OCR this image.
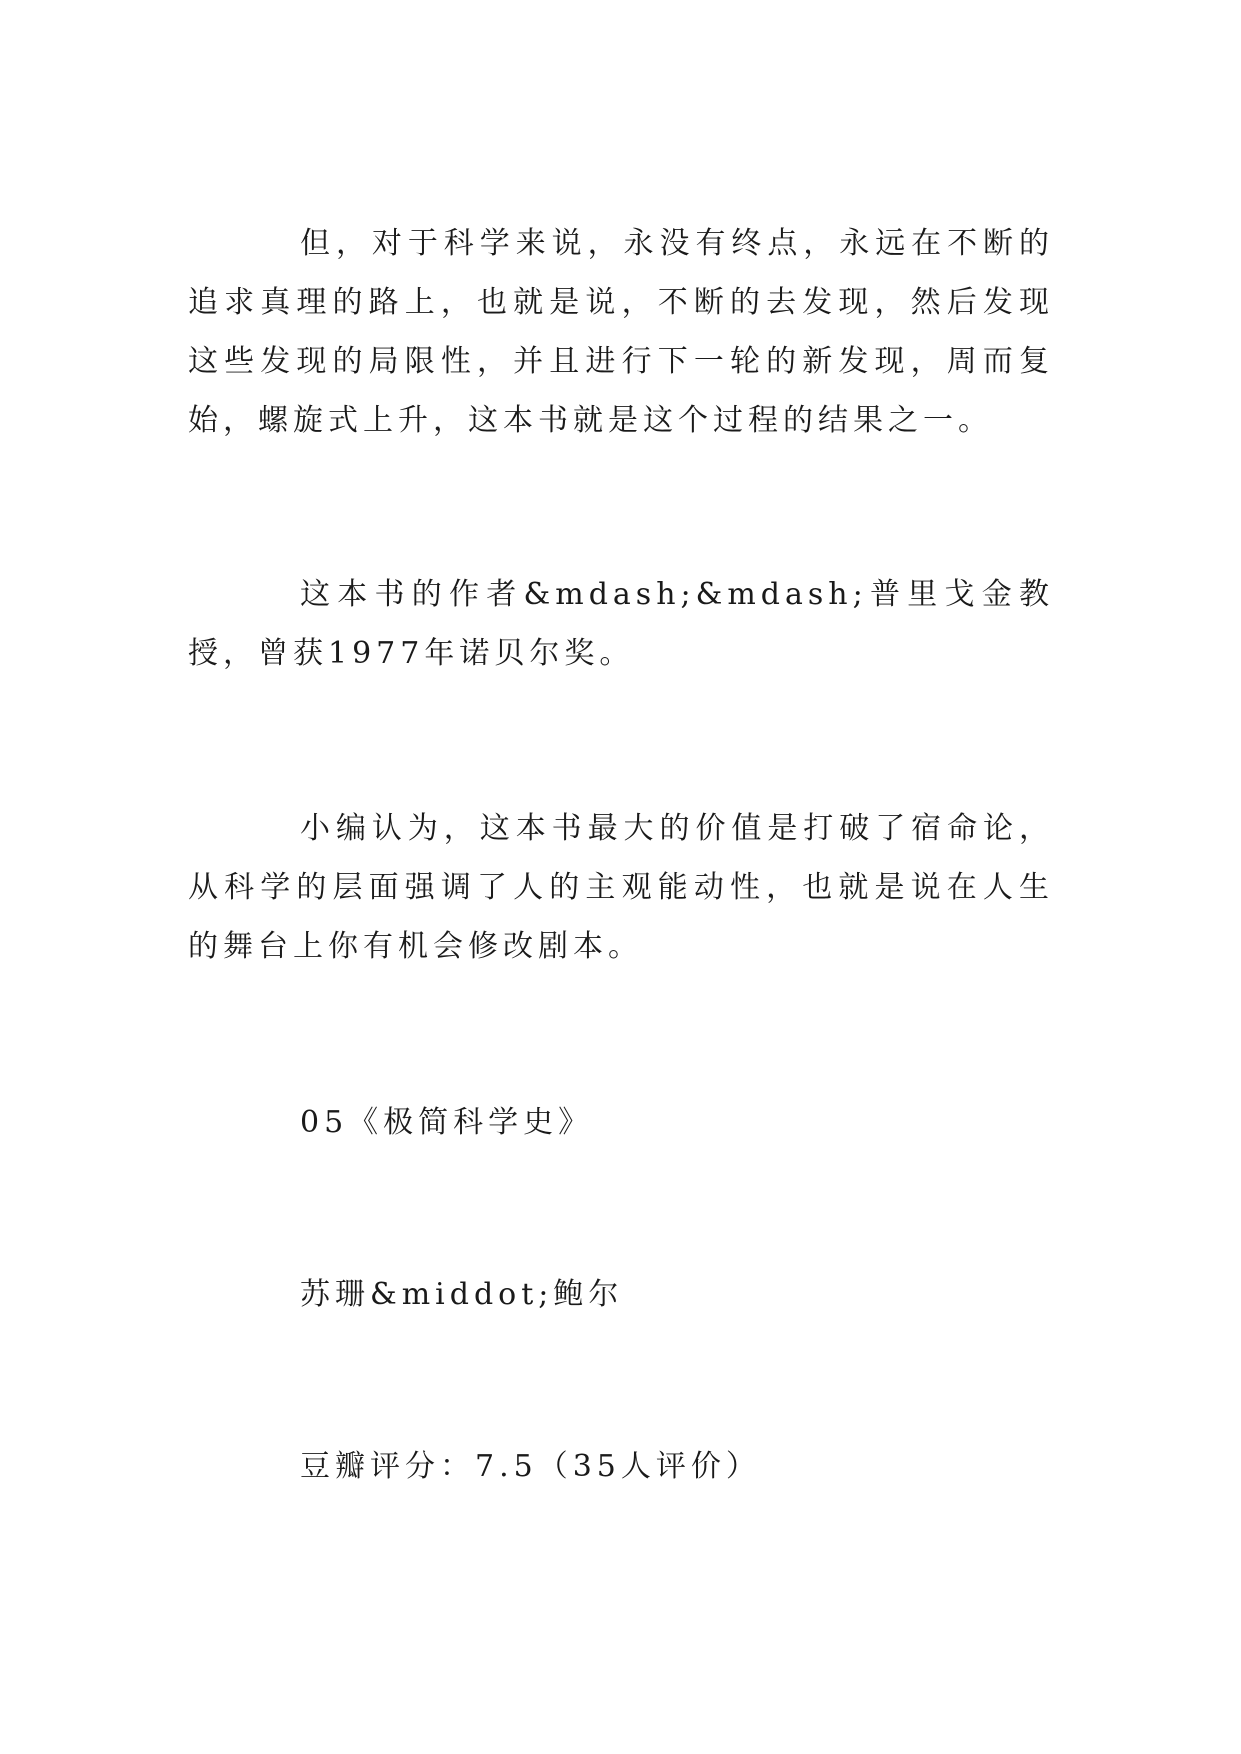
但，对于科学来说，永没有终点，永远在不断的追求真理的路上，也就是说，不断的去发现，然后发现这些发现的局限性，并且进行下一轮的新发现，周而复始，螺旋式上升，这本书就是这个过程的结果之一。

这本书的作者&mdash;&mdash;普里戈金教授，曾获1977年诺贝尔奖。

小编认为，这本书最大的价值是打破了宿命论，从科学的层面强调了人的主观能动性，也就是说在人生的舞台上你有机会修改剧本。

05《极简科学史》

苏珊&middot;鲍尔

豆瓣评分：7.5（35人评价）
